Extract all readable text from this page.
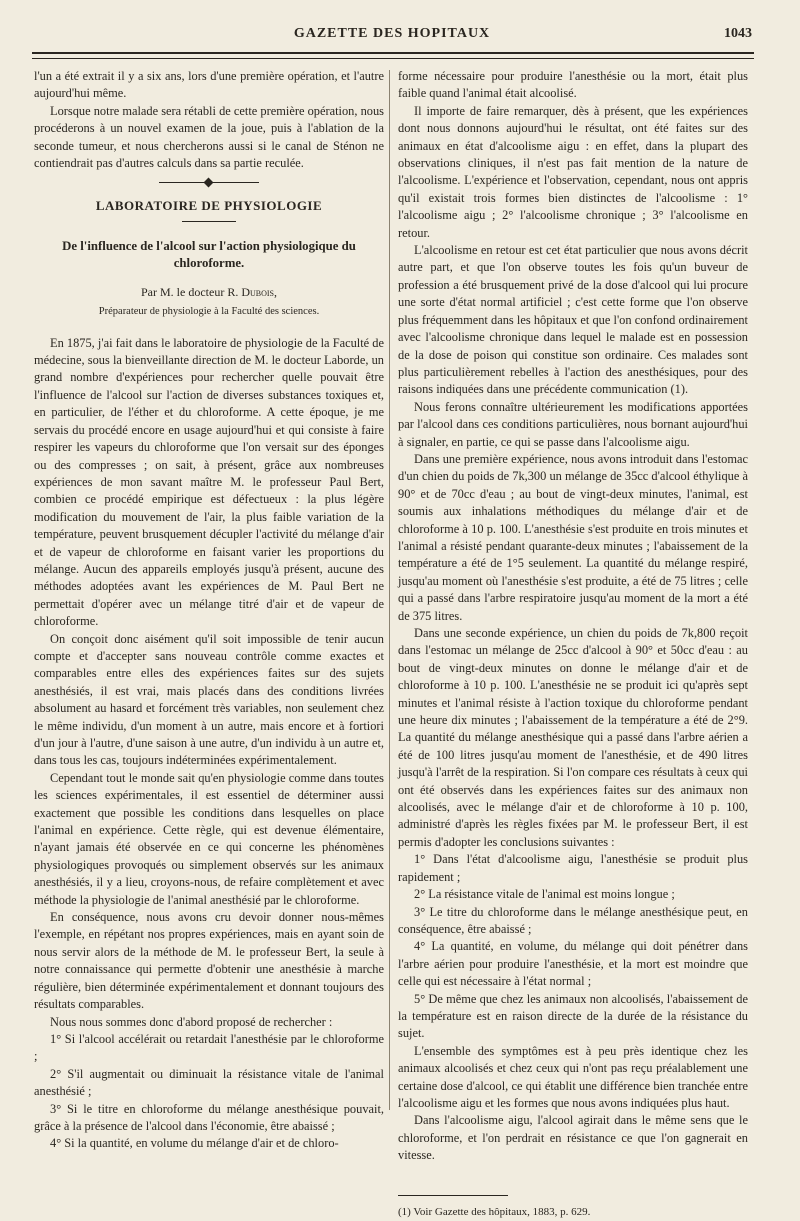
GAZETTE DES HOPITAUX	1043

l'un a été extrait il y a six ans, lors d'une première opération, et l'autre aujourd'hui même.

Lorsque notre malade sera rétabli de cette première opération, nous procéderons à un nouvel examen de la joue, puis à l'ablation de la seconde tumeur, et nous chercherons aussi si le canal de Sténon ne contiendrait pas d'autres calculs dans sa partie reculée.

LABORATOIRE DE PHYSIOLOGIE
De l'influence de l'alcool sur l'action physiologique du chloroforme.
Par M. le docteur R. Dubois,
Préparateur de physiologie à la Faculté des sciences.

En 1875, j'ai fait dans le laboratoire de physiologie de la Faculté de médecine, sous la bienveillante direction de M. le docteur Laborde, un grand nombre d'expériences pour rechercher quelle pouvait être l'influence de l'alcool sur l'action de diverses substances toxiques et, en particulier, de l'éther et du chloroforme. A cette époque, je me servais du procédé encore en usage aujourd'hui et qui consiste à faire respirer les vapeurs du chloroforme que l'on versait sur des éponges ou des compresses ; on sait, à présent, grâce aux nombreuses expériences de mon savant maître M. le professeur Paul Bert, combien ce procédé empirique est défectueux : la plus légère modification du mouvement de l'air, la plus faible variation de la température, peuvent brusquement décupler l'activité du mélange d'air et de vapeur de chloroforme en faisant varier les proportions du mélange. Aucun des appareils employés jusqu'à présent, aucune des méthodes adoptées avant les expériences de M. Paul Bert ne permettait d'opérer avec un mélange titré d'air et de vapeur de chloroforme.

On conçoit donc aisément qu'il soit impossible de tenir aucun compte et d'accepter sans nouveau contrôle comme exactes et comparables entre elles des expériences faites sur des sujets anesthésiés, il est vrai, mais placés dans des conditions livrées absolument au hasard et forcément très variables, non seulement chez le même individu, d'un moment à un autre, mais encore et à fortiori d'un jour à l'autre, d'une saison à une autre, d'un individu à un autre et, dans tous les cas, toujours indéterminées expérimentalement.

Cependant tout le monde sait qu'en physiologie comme dans toutes les sciences expérimentales, il est essentiel de déterminer aussi exactement que possible les conditions dans lesquelles on place l'animal en expérience. Cette règle, qui est devenue élémentaire, n'ayant jamais été observée en ce qui concerne les phénomènes physiologiques provoqués ou simplement observés sur les animaux anesthésiés, il y a lieu, croyons-nous, de refaire complètement et avec méthode la physiologie de l'animal anesthésié par le chloroforme.

En conséquence, nous avons cru devoir donner nous-mêmes l'exemple, en répétant nos propres expériences, mais en ayant soin de nous servir alors de la méthode de M. le professeur Bert, la seule à notre connaissance qui permette d'obtenir une anesthésie à marche régulière, bien déterminée expérimentalement et donnant toujours des résultats comparables.

Nous nous sommes donc d'abord proposé de rechercher :

1° Si l'alcool accélérait ou retardait l'anesthésie par le chloroforme ;

2° S'il augmentait ou diminuait la résistance vitale de l'animal anesthésié ;

3° Si le titre en chloroforme du mélange anesthésique pouvait, grâce à la présence de l'alcool dans l'économie, être abaissé ;

4° Si la quantité, en volume du mélange d'air et de chloro-

forme nécessaire pour produire l'anesthésie ou la mort, était plus faible quand l'animal était alcoolisé.

Il importe de faire remarquer, dès à présent, que les expériences dont nous donnons aujourd'hui le résultat, ont été faites sur des animaux en état d'alcoolisme aigu : en effet, dans la plupart des observations cliniques, il n'est pas fait mention de la nature de l'alcoolisme. L'expérience et l'observation, cependant, nous ont appris qu'il existait trois formes bien distinctes de l'alcoolisme : 1° l'alcoolisme aigu ; 2° l'alcoolisme chronique ; 3° l'alcoolisme en retour.

L'alcoolisme en retour est cet état particulier que nous avons décrit autre part, et que l'on observe toutes les fois qu'un buveur de profession a été brusquement privé de la dose d'alcool qui lui procure une sorte d'état normal artificiel ; c'est cette forme que l'on observe plus fréquemment dans les hôpitaux et que l'on confond ordinairement avec l'alcoolisme chronique dans lequel le malade est en possession de la dose de poison qui constitue son ordinaire. Ces malades sont plus particulièrement rebelles à l'action des anesthésiques, pour des raisons indiquées dans une précédente communication (1).

Nous ferons connaître ultérieurement les modifications apportées par l'alcool dans ces conditions particulières, nous bornant aujourd'hui à signaler, en partie, ce qui se passe dans l'alcoolisme aigu.

Dans une première expérience, nous avons introduit dans l'estomac d'un chien du poids de 7k,300 un mélange de 35cc d'alcool éthylique à 90° et de 70cc d'eau ; au bout de vingt-deux minutes, l'animal, est soumis aux inhalations méthodiques du mélange d'air et de chloroforme à 10 p. 100. L'anesthésie s'est produite en trois minutes et l'animal a résisté pendant quarante-deux minutes ; l'abaissement de la température a été de 1°5 seulement. La quantité du mélange respiré, jusqu'au moment où l'anesthésie s'est produite, a été de 75 litres ; celle qui a passé dans l'arbre respiratoire jusqu'au moment de la mort a été de 375 litres.

Dans une seconde expérience, un chien du poids de 7k,800 reçoit dans l'estomac un mélange de 25cc d'alcool à 90° et 50cc d'eau : au bout de vingt-deux minutes on donne le mélange d'air et de chloroforme à 10 p. 100. L'anesthésie ne se produit ici qu'après sept minutes et l'animal résiste à l'action toxique du chloroforme pendant une heure dix minutes ; l'abaissement de la température a été de 2°9. La quantité du mélange anesthésique qui a passé dans l'arbre aérien a été de 100 litres jusqu'au moment de l'anesthésie, et de 490 litres jusqu'à l'arrêt de la respiration. Si l'on compare ces résultats à ceux qui ont été observés dans les expériences faites sur des animaux non alcoolisés, avec le mélange d'air et de chloroforme à 10 p. 100, administré d'après les règles fixées par M. le professeur Bert, il est permis d'adopter les conclusions suivantes :

1° Dans l'état d'alcoolisme aigu, l'anesthésie se produit plus rapidement ;

2° La résistance vitale de l'animal est moins longue ;

3° Le titre du chloroforme dans le mélange anesthésique peut, en conséquence, être abaissé ;

4° La quantité, en volume, du mélange qui doit pénétrer dans l'arbre aérien pour produire l'anesthésie, et la mort est moindre que celle qui est nécessaire à l'état normal ;

5° De même que chez les animaux non alcoolisés, l'abaissement de la température est en raison directe de la durée de la résistance du sujet.

L'ensemble des symptômes est à peu près identique chez les animaux alcoolisés et chez ceux qui n'ont pas reçu préalablement une certaine dose d'alcool, ce qui établit une différence bien tranchée entre l'alcoolisme aigu et les formes que nous avons indiquées plus haut.

Dans l'alcoolisme aigu, l'alcool agirait dans le même sens que le chloroforme, et l'on perdrait en résistance ce que l'on gagnerait en vitesse.

(1) Voir Gazette des hôpitaux, 1883, p. 629.
